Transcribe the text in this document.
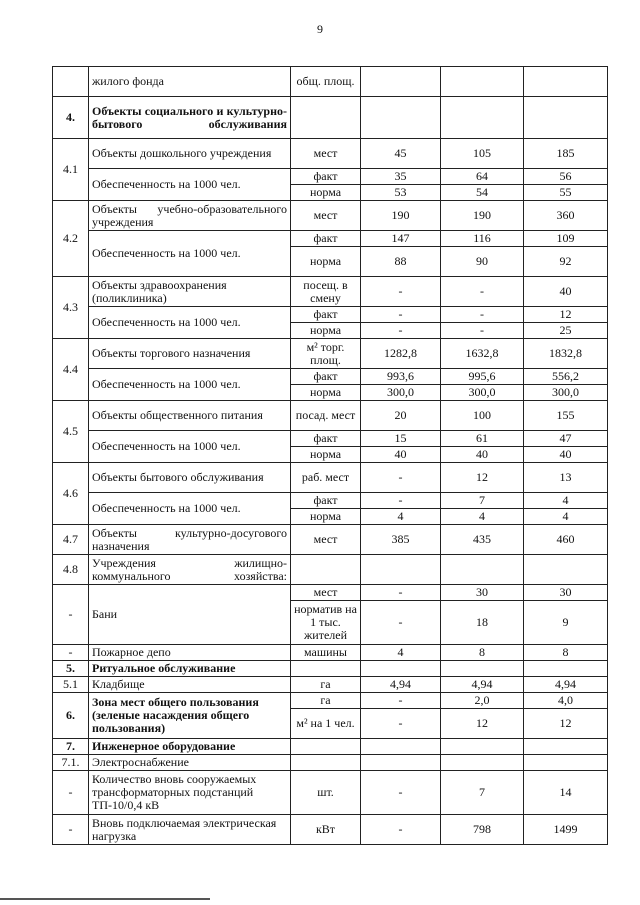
9
	жилого фонда	общ. площ.			
4.	Объекты социального и культурно-бытового обслуживания				
4.1	Объекты дошкольного учреждения	мест	45	105	185
	Обеспеченность на 1000 чел.	факт	35	64	56
		норма	53	54	55
4.2	Объекты учебно-образовательного учреждения	мест	190	190	360
	Обеспеченность на 1000 чел.	факт	147	116	109
		норма	88	90	92
4.3	Объекты здравоохранения (поликлиника)	посещ. в смену	-	-	40
	Обеспеченность на 1000 чел.	факт	-	-	12
		норма	-	-	25
4.4	Объекты торгового назначения	м² торг. площ.	1282,8	1632,8	1832,8
	Обеспеченность на 1000 чел.	факт	993,6	995,6	556,2
		норма	300,0	300,0	300,0
4.5	Объекты общественного питания	посад. мест	20	100	155
	Обеспеченность на 1000 чел.	факт	15	61	47
		норма	40	40	40
4.6	Объекты бытового обслуживания	раб. мест	-	12	13
	Обеспеченность на 1000 чел.	факт	-	7	4
		норма	4	4	4
4.7	Объекты культурно-досугового назначения	мест	385	435	460
4.8	Учреждения жилищно-коммунального хозяйства:				
-	Бани	мест	-	30	30
		норматив на 1 тыс. жителей	-	18	9
-	Пожарное депо	машины	4	8	8
5.	Ритуальное обслуживание				
5.1	Кладбище	га	4,94	4,94	4,94
6.	Зона мест общего пользования (зеленые насаждения общего пользования)	га	-	2,0	4,0
		м² на 1 чел.	-	12	12
7.	Инженерное оборудование				
7.1.	Электроснабжение				
-	Количество вновь сооружаемых трансформаторных подстанций ТП-10/0,4 кВ	шт.	-	7	14
-	Вновь подключаемая электрическая нагрузка	кВт	-	798	1499
